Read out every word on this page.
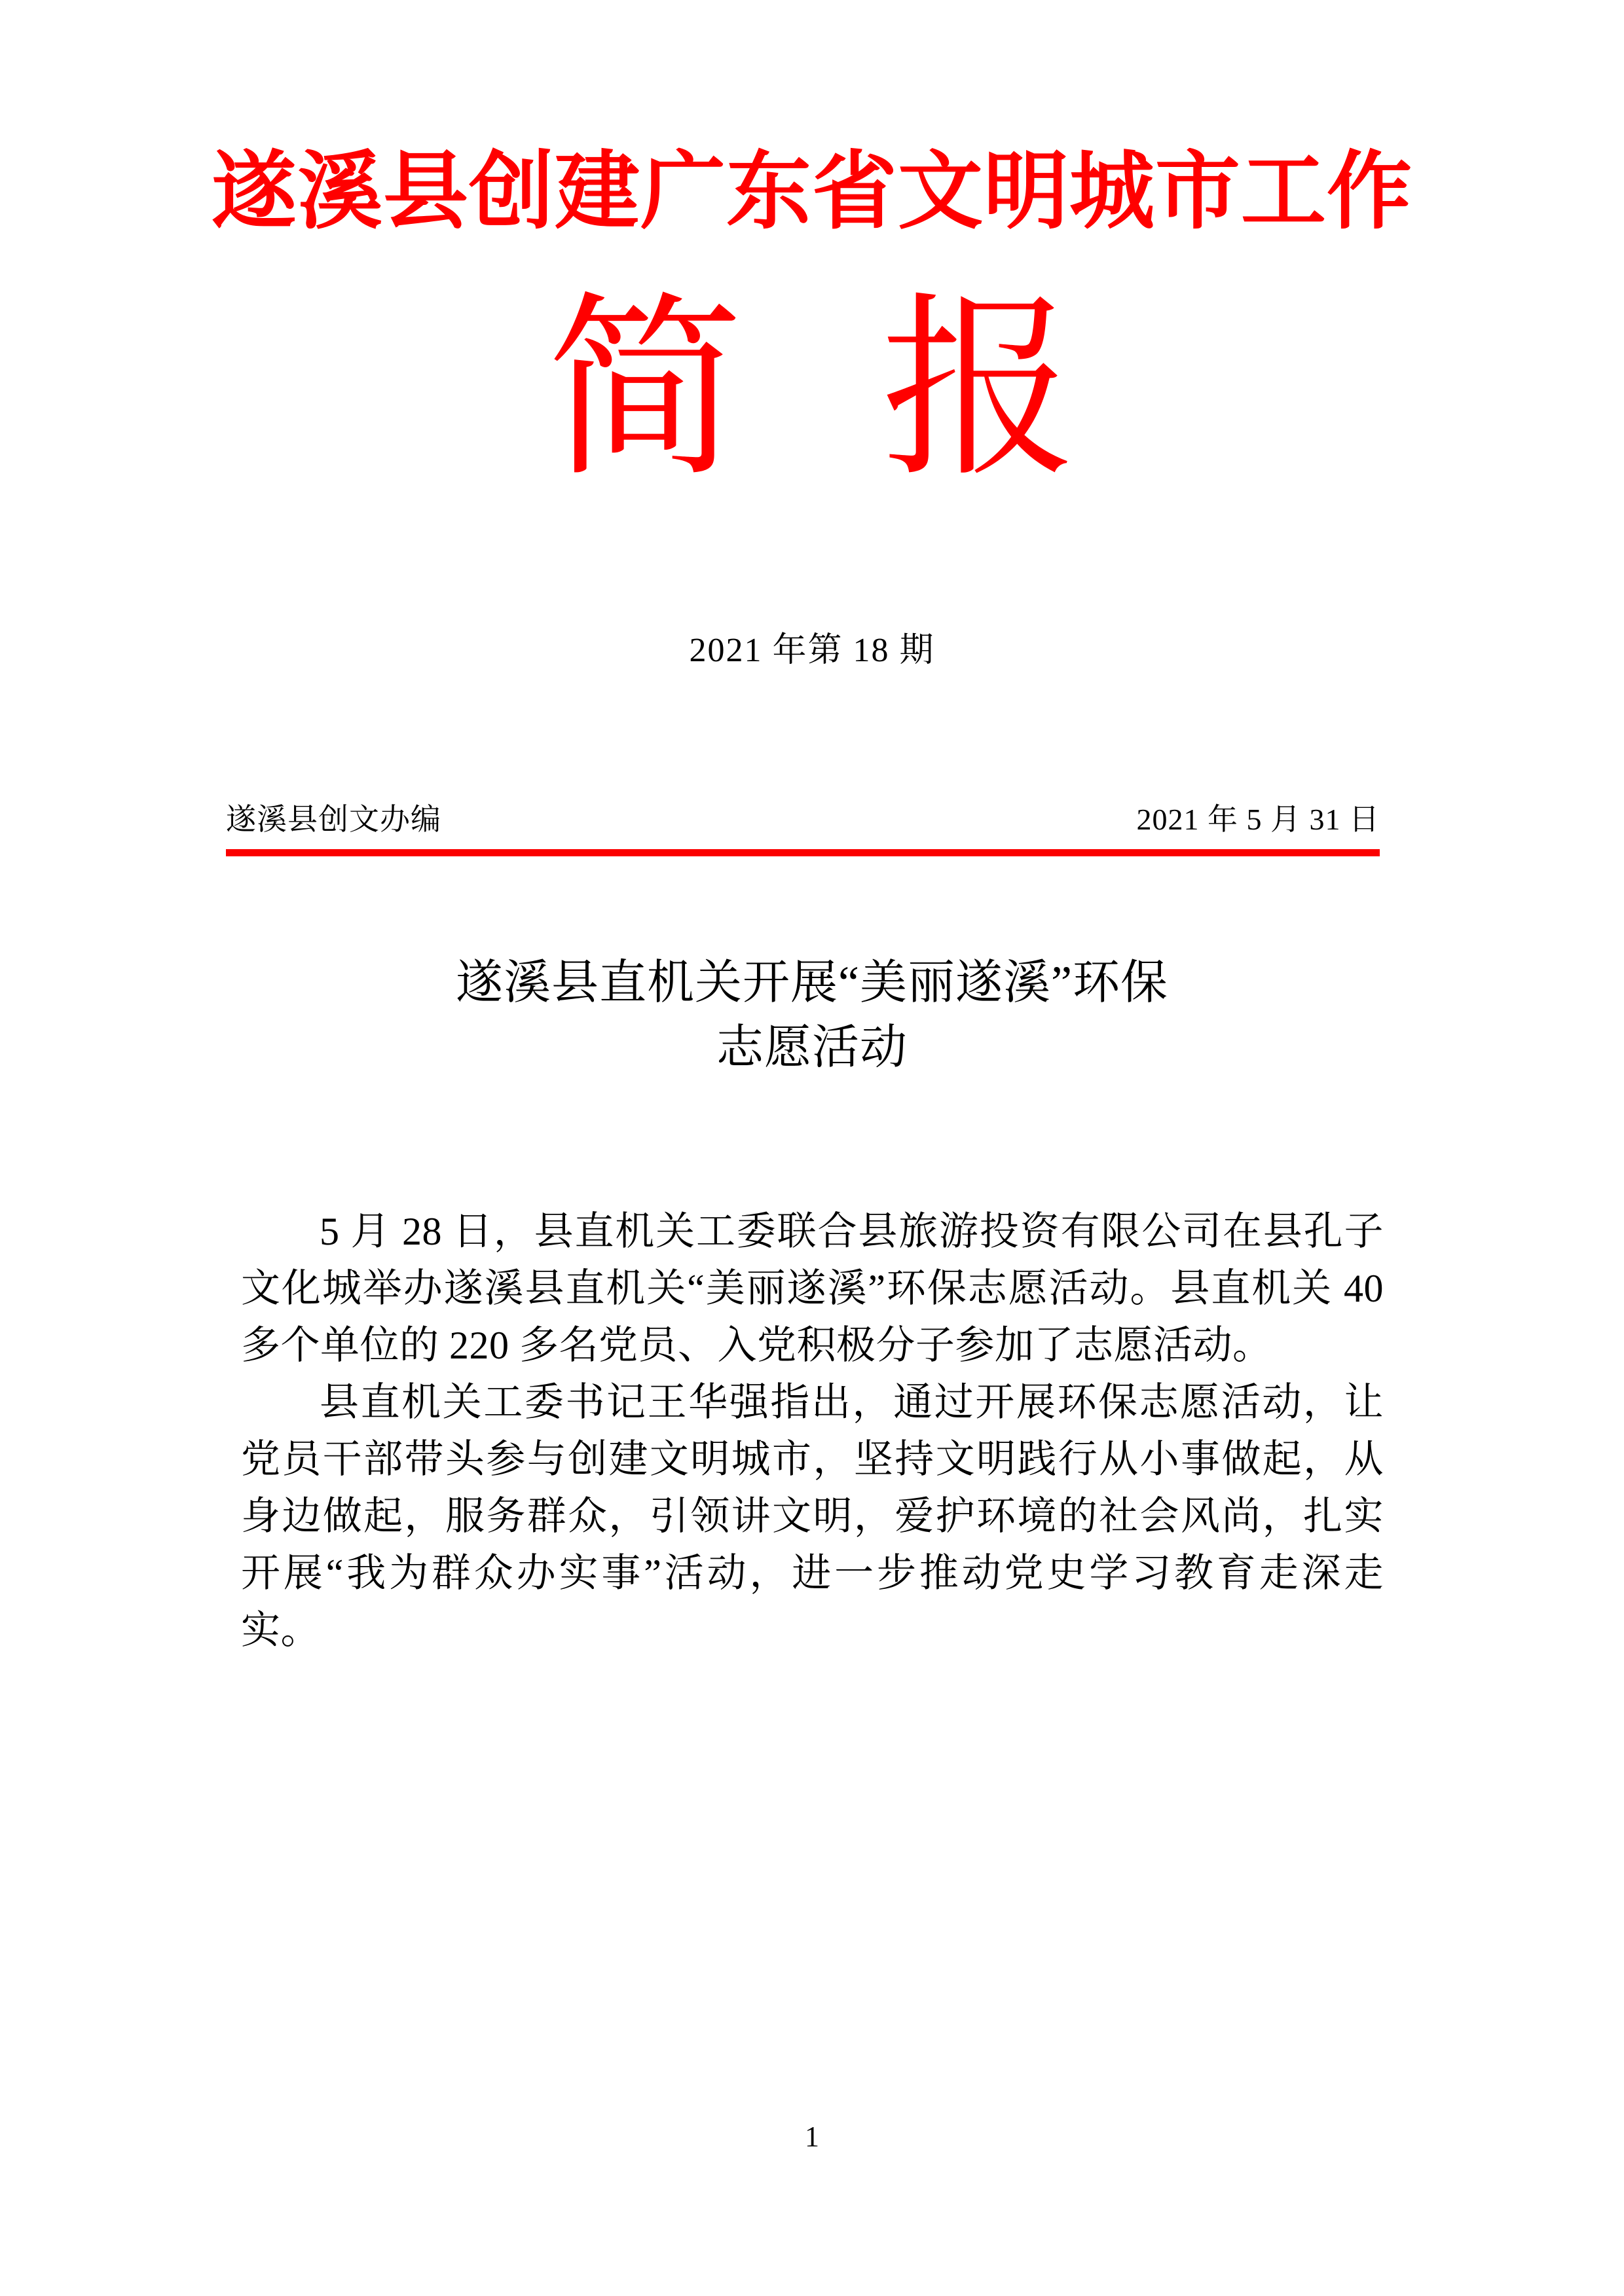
遂溪县创建广东省文明城市工作
简 报
2021 年第 18 期
遂溪县创文办编	2021 年 5 月 31 日
遂溪县直机关开展“美丽遂溪”环保
志愿活动

5 月 28 日，县直机关工委联合县旅游投资有限公司在县孔子文化城举办遂溪县直机关“美丽遂溪”环保志愿活动。县直机关 40 多个单位的 220 多名党员、入党积极分子参加了志愿活动。

县直机关工委书记王华强指出，通过开展环保志愿活动，让党员干部带头参与创建文明城市，坚持文明践行从小事做起，从身边做起，服务群众，引领讲文明，爱护环境的社会风尚，扎实开展“我为群众办实事”活动，进一步推动党史学习教育走深走实。

1
